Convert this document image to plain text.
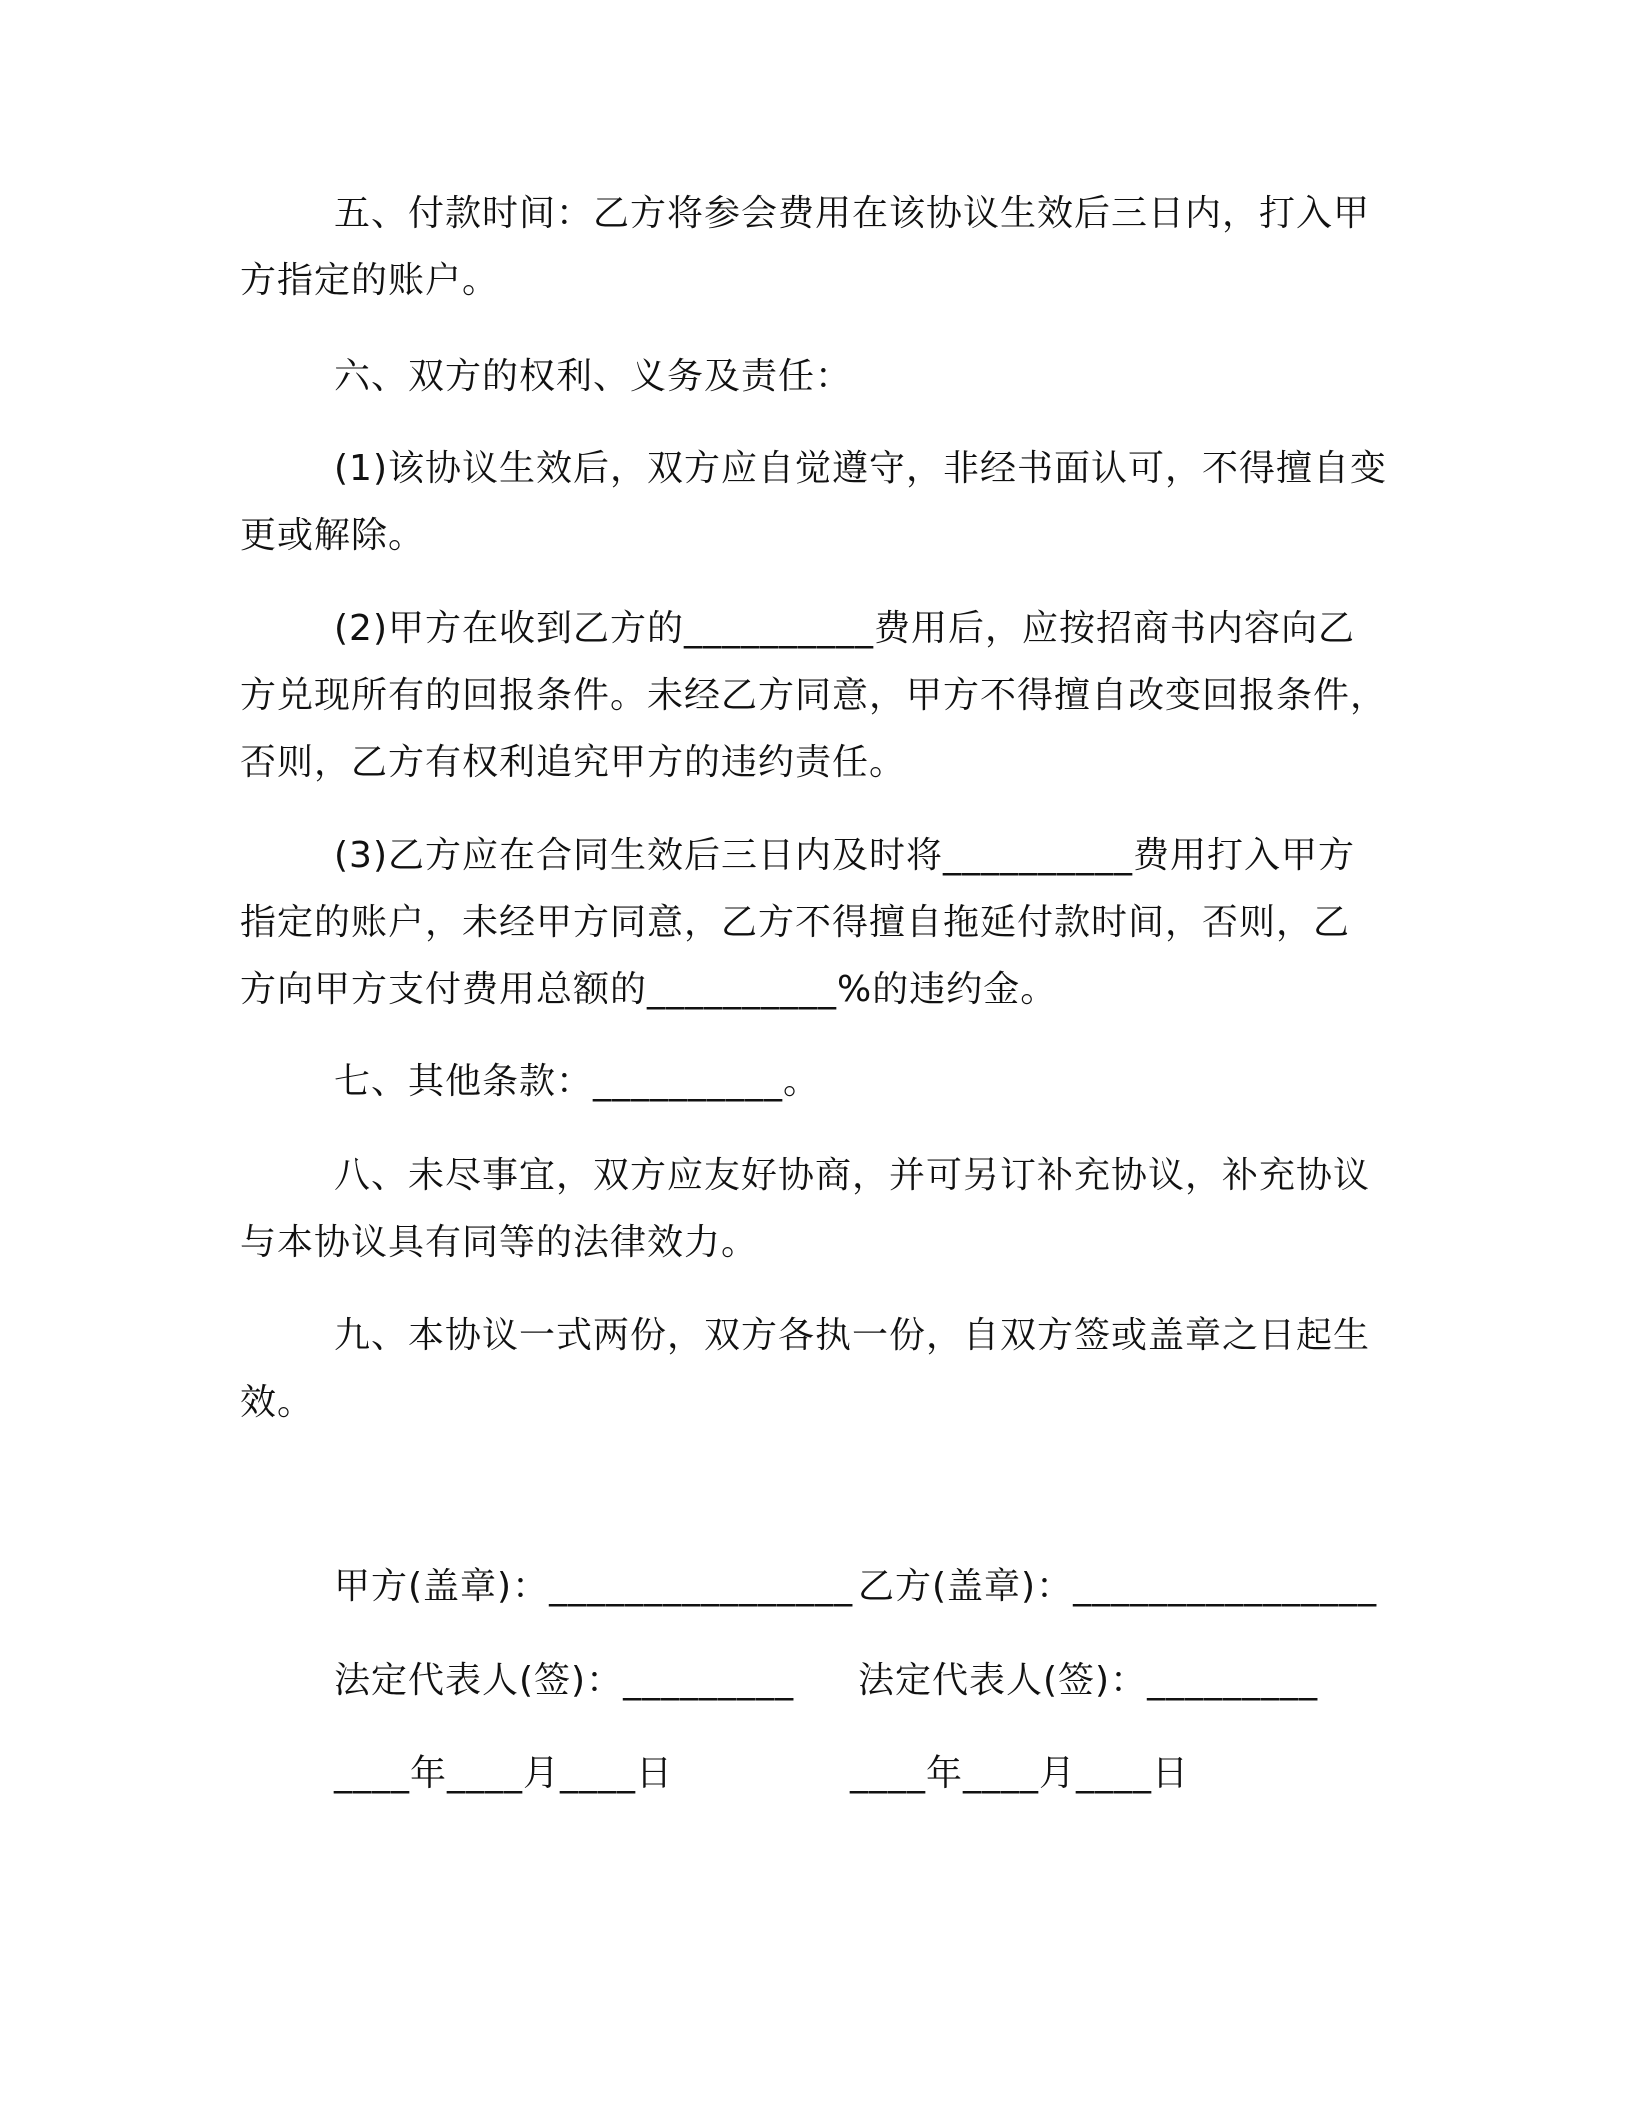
五、付款时间：乙方将参会费用在该协议生效后三日内，打入甲
方指定的账户。

六、双方的权利、义务及责任：

(1)该协议生效后，双方应自觉遵守，非经书面认可，不得擅自变
更或解除。

(2)甲方在收到乙方的__________费用后，应按招商书内容向乙
方兑现所有的回报条件。未经乙方同意，甲方不得擅自改变回报条件，
否则，乙方有权利追究甲方的违约责任。

(3)乙方应在合同生效后三日内及时将__________费用打入甲方
指定的账户，未经甲方同意，乙方不得擅自拖延付款时间，否则，乙
方向甲方支付费用总额的__________%的违约金。

七、其他条款：__________。

八、未尽事宜，双方应友好协商，并可另订补充协议，补充协议
与本协议具有同等的法律效力。

九、本协议一式两份，双方各执一份，自双方签或盖章之日起生
效。

甲方(盖章)：________________ 乙方(盖章)：________________
法定代表人(签)：_________ 法定代表人(签)：_________
____年____月____日	____年____月____日
